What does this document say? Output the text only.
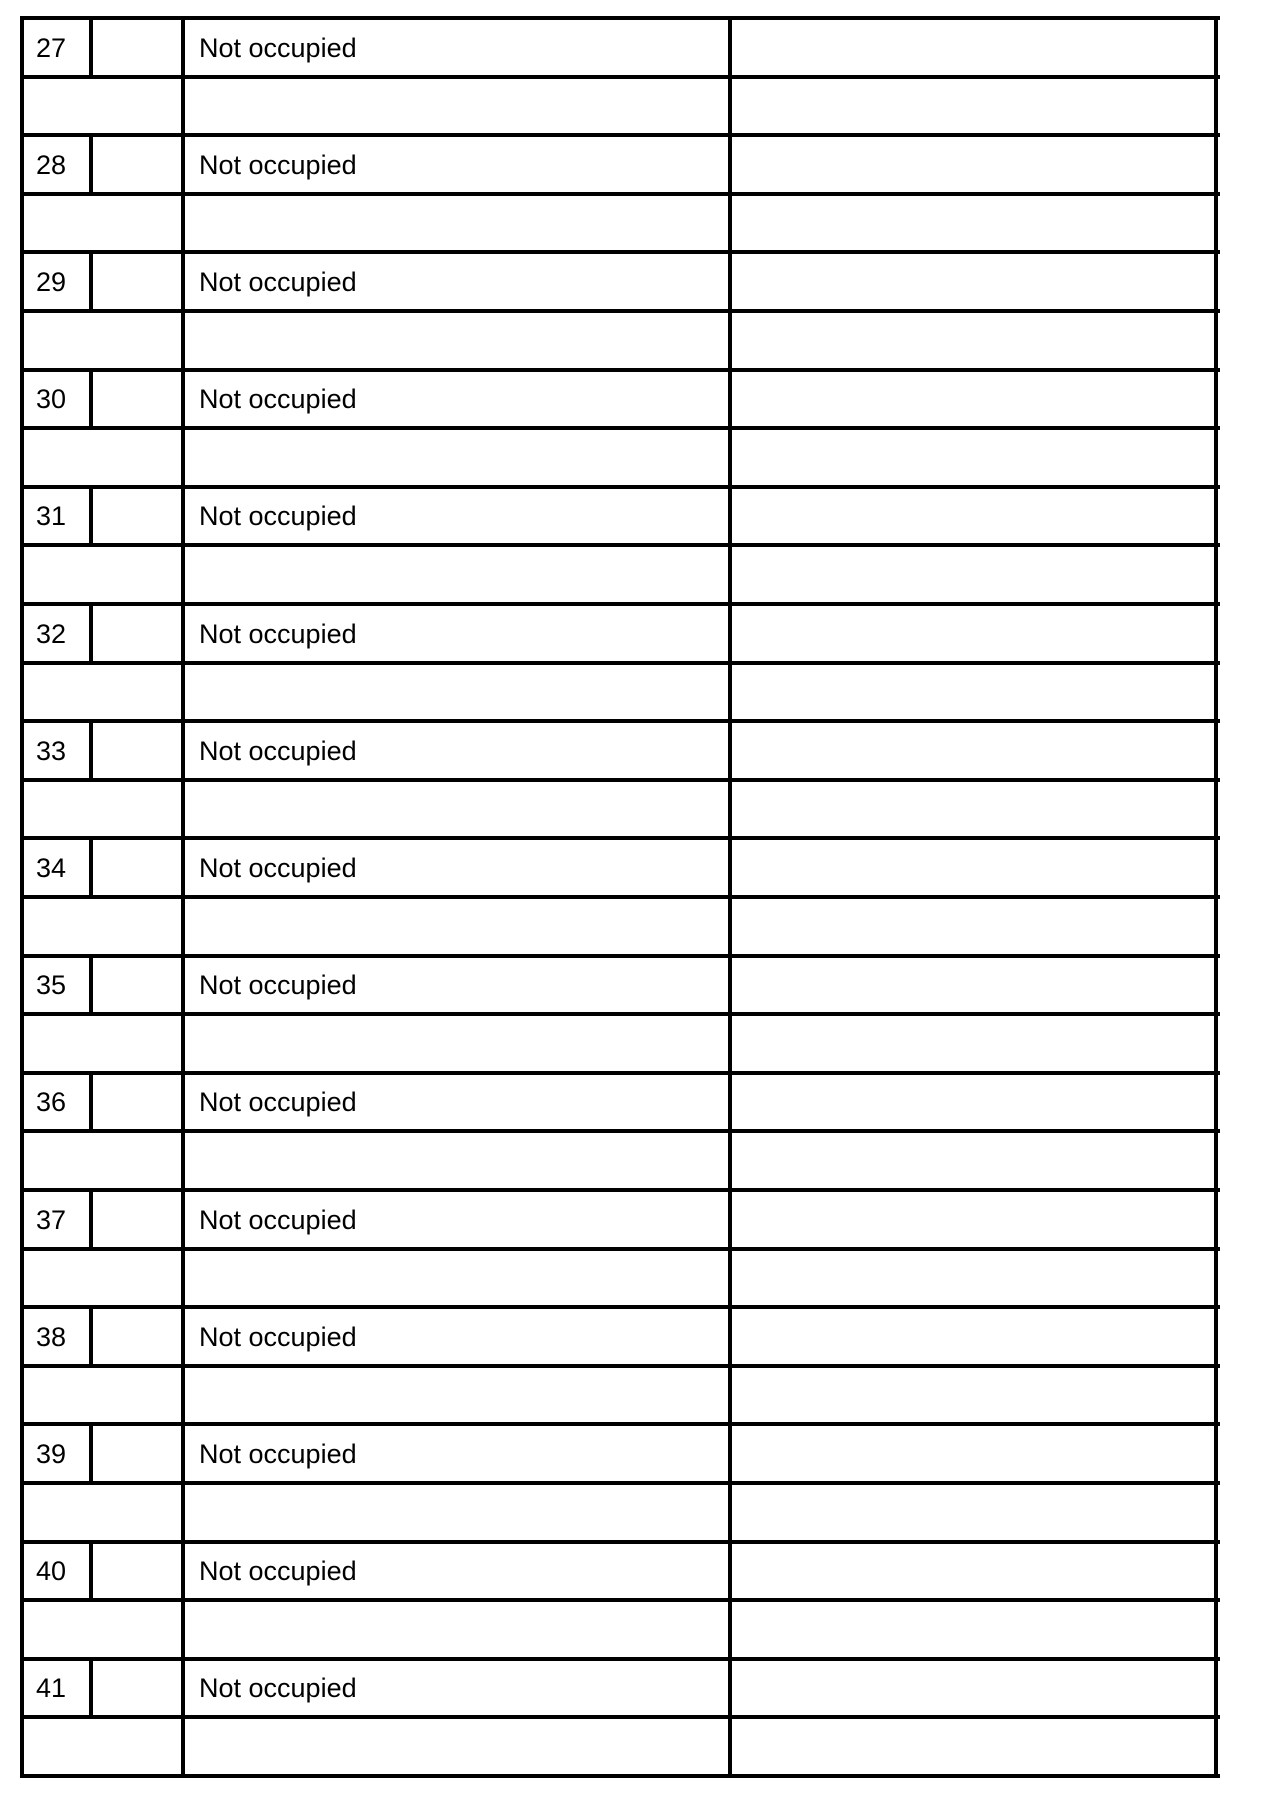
27	Not occupied
28	Not occupied
29	Not occupied
30	Not occupied
31	Not occupied
32	Not occupied
33	Not occupied
34	Not occupied
35	Not occupied
36	Not occupied
37	Not occupied
38	Not occupied
39	Not occupied
40	Not occupied
41	Not occupied
